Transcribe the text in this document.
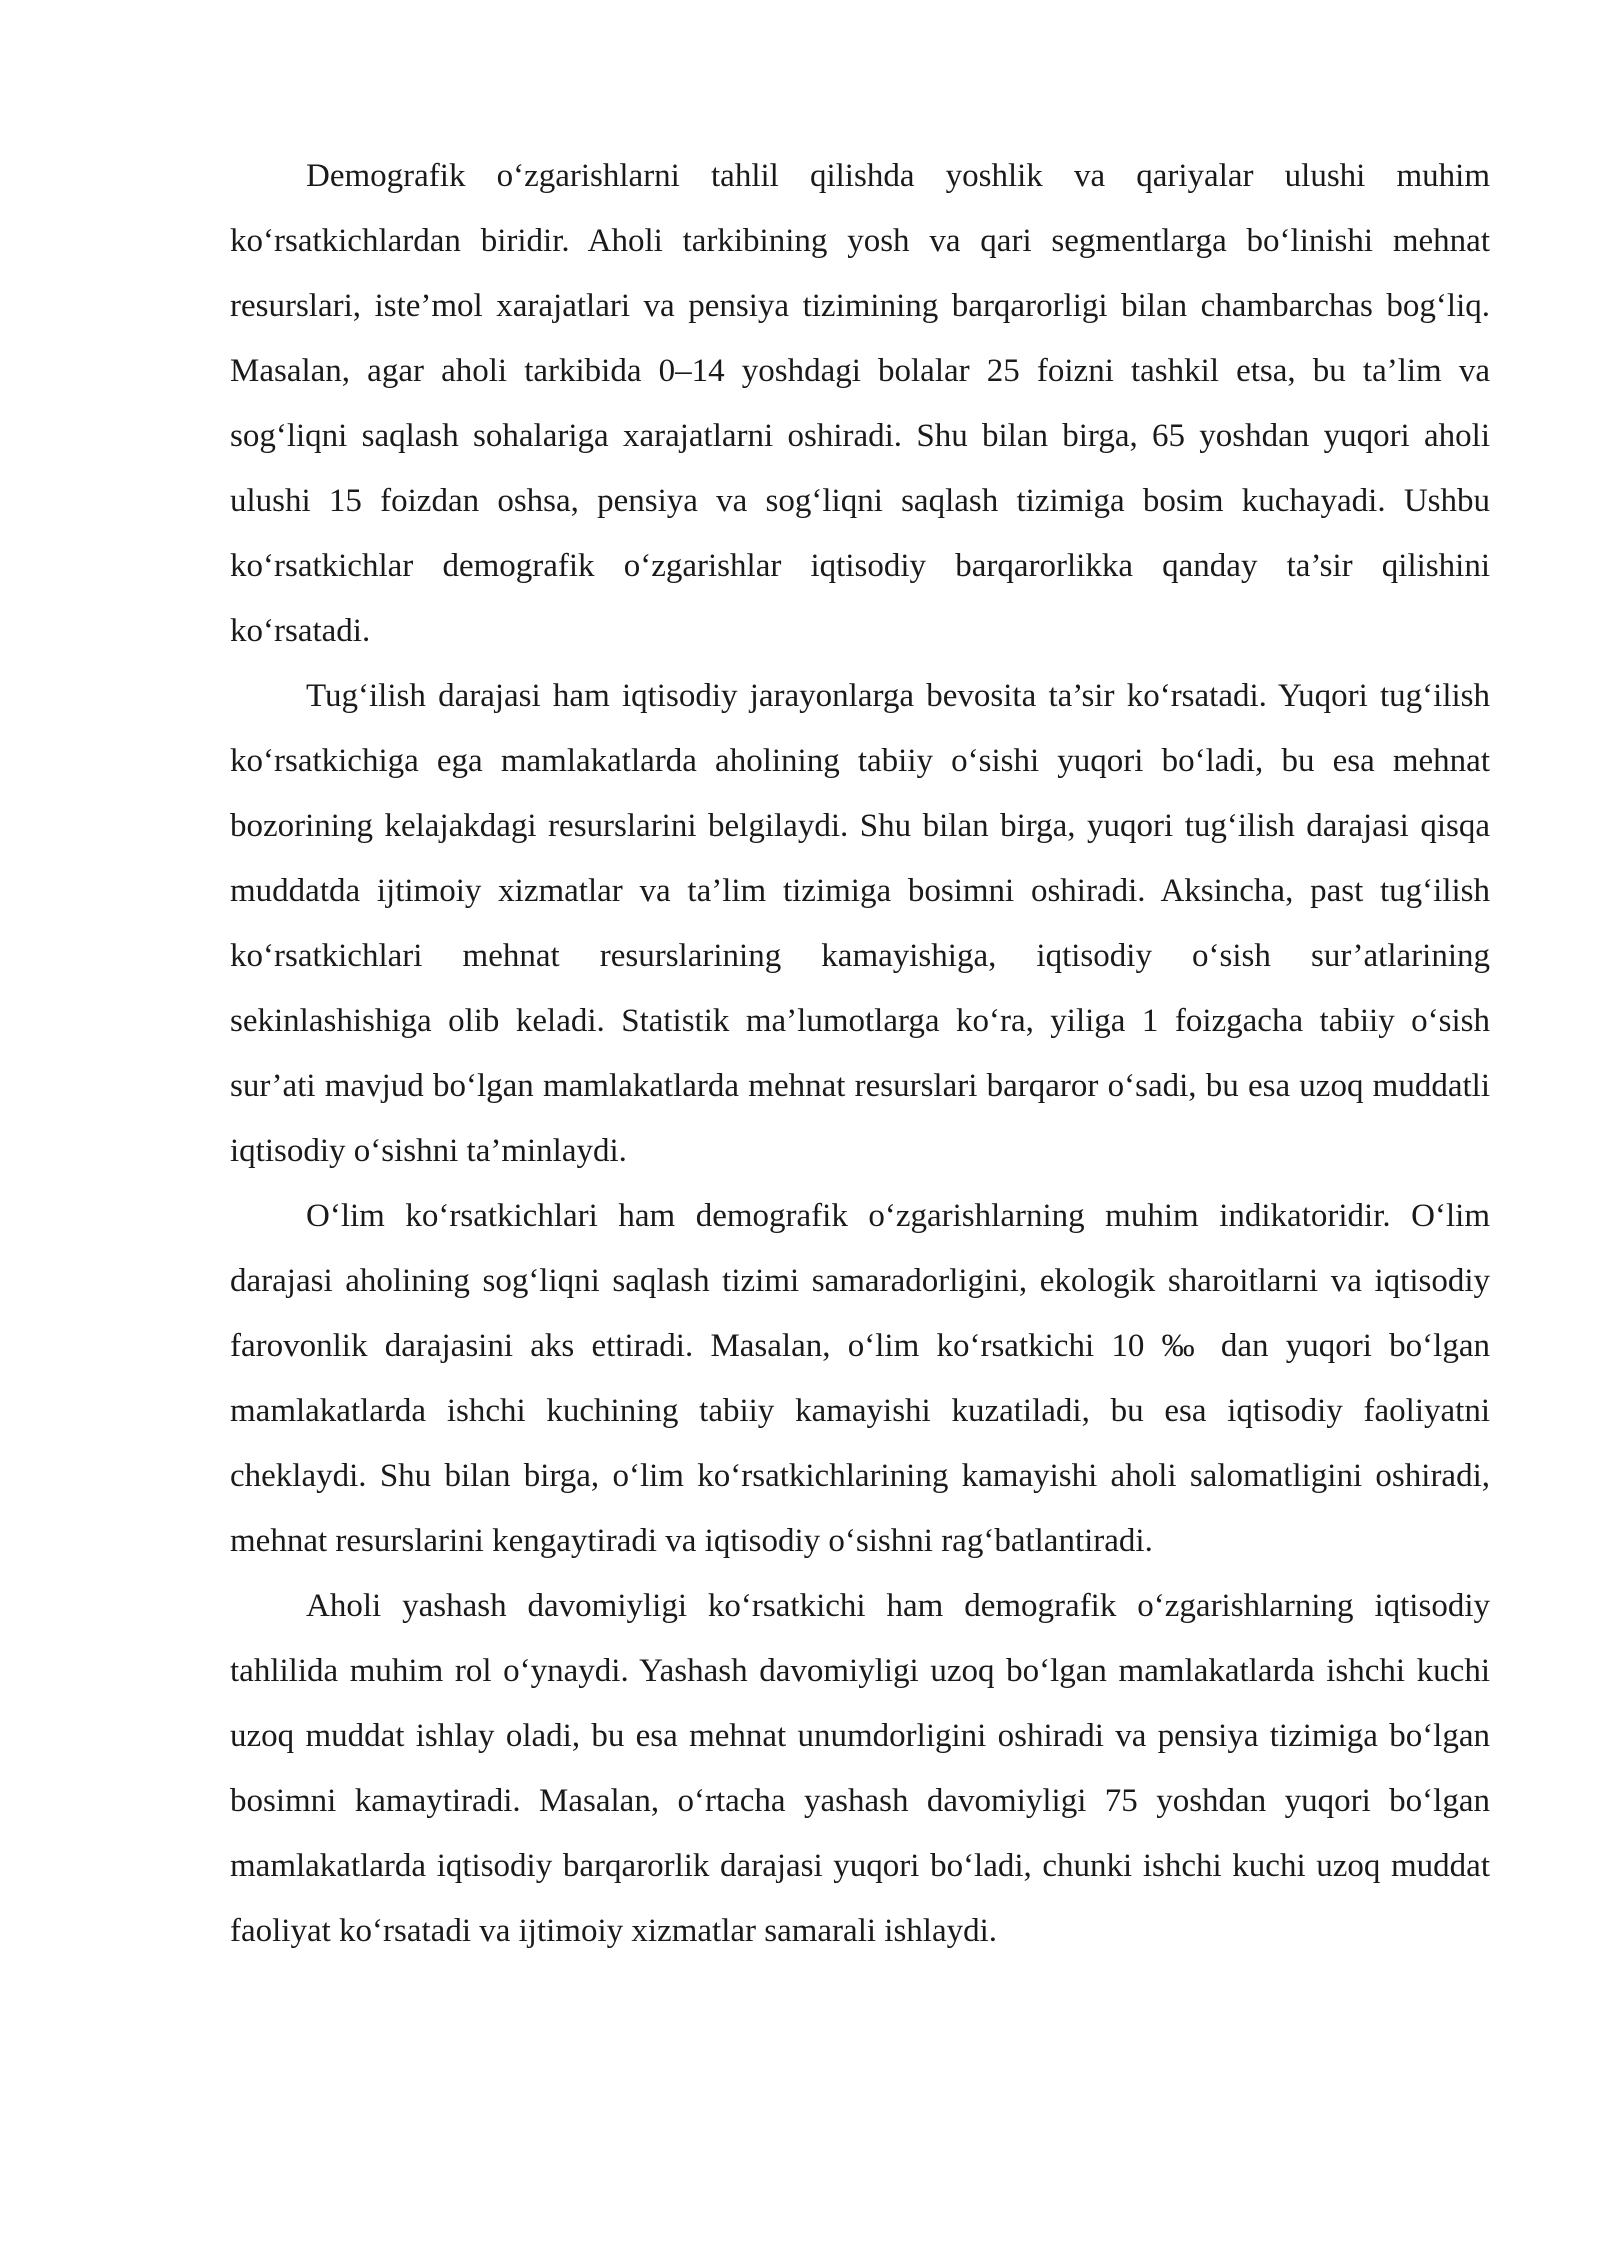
Demografik o‘zgarishlarni tahlil qilishda yoshlik va qariyalar ulushi muhim ko‘rsatkichlardan biridir. Aholi tarkibining yosh va qari segmentlarga bo‘linishi mehnat resurslari, iste’mol xarajatlari va pensiya tizimining barqarorligi bilan chambarchas bog‘liq. Masalan, agar aholi tarkibida 0–14 yoshdagi bolalar 25 foizni tashkil etsa, bu ta’lim va sog‘liqni saqlash sohalariga xarajatlarni oshiradi. Shu bilan birga, 65 yoshdan yuqori aholi ulushi 15 foizdan oshsa, pensiya va sog‘liqni saqlash tizimiga bosim kuchayadi. Ushbu ko‘rsatkichlar demografik o‘zgarishlar iqtisodiy barqarorlikka qanday ta’sir qilishini ko‘rsatadi.

Tug‘ilish darajasi ham iqtisodiy jarayonlarga bevosita ta’sir ko‘rsatadi. Yuqori tug‘ilish ko‘rsatkichiga ega mamlakatlarda aholining tabiiy o‘sishi yuqori bo‘ladi, bu esa mehnat bozorining kelajakdagi resurslarini belgilaydi. Shu bilan birga, yuqori tug‘ilish darajasi qisqa muddatda ijtimoiy xizmatlar va ta’lim tizimiga bosimni oshiradi. Aksincha, past tug‘ilish ko‘rsatkichlari mehnat resurslarining kamayishiga, iqtisodiy o‘sish sur’atlarining sekinlashishiga olib keladi. Statistik ma’lumotlarga ko‘ra, yiliga 1 foizgacha tabiiy o‘sish sur’ati mavjud bo‘lgan mamlakatlarda mehnat resurslari barqaror o‘sadi, bu esa uzoq muddatli iqtisodiy o‘sishni ta’minlaydi.

O‘lim ko‘rsatkichlari ham demografik o‘zgarishlarning muhim indikatoridir. O‘lim darajasi aholining sog‘liqni saqlash tizimi samaradorligini, ekologik sharoitlarni va iqtisodiy farovonlik darajasini aks ettiradi. Masalan, o‘lim ko‘rsatkichi 10 ‰ dan yuqori bo‘lgan mamlakatlarda ishchi kuchining tabiiy kamayishi kuzatiladi, bu esa iqtisodiy faoliyatni cheklaydi. Shu bilan birga, o‘lim ko‘rsatkichlarining kamayishi aholi salomatligini oshiradi, mehnat resurslarini kengaytiradi va iqtisodiy o‘sishni rag‘batlantiradi.

Aholi yashash davomiyligi ko‘rsatkichi ham demografik o‘zgarishlarning iqtisodiy tahlilida muhim rol o‘ynaydi. Yashash davomiyligi uzoq bo‘lgan mamlakatlarda ishchi kuchi uzoq muddat ishlay oladi, bu esa mehnat unumdorligini oshiradi va pensiya tizimiga bo‘lgan bosimni kamaytiradi. Masalan, o‘rtacha yashash davomiyligi 75 yoshdan yuqori bo‘lgan mamlakatlarda iqtisodiy barqarorlik darajasi yuqori bo‘ladi, chunki ishchi kuchi uzoq muddat faoliyat ko‘rsatadi va ijtimoiy xizmatlar samarali ishlaydi.
